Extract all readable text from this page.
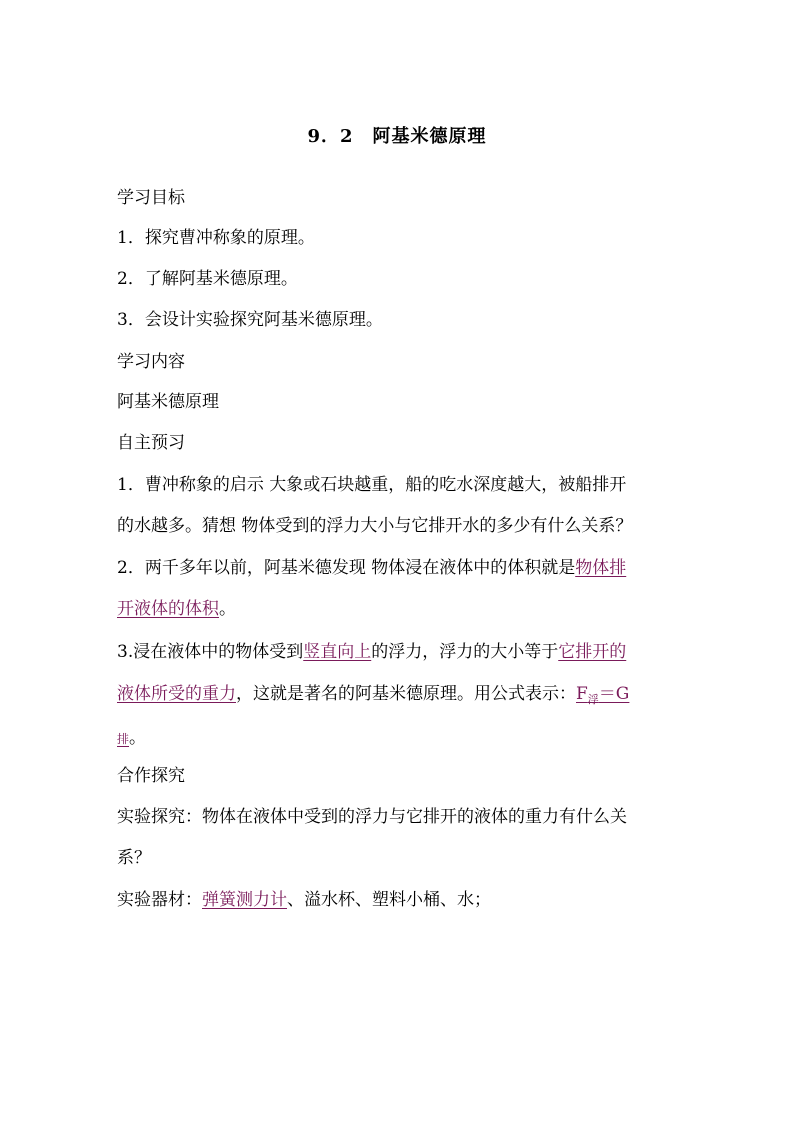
9．2　阿基米德原理
学习目标
1．探究曹冲称象的原理。
2．了解阿基米德原理。
3．会设计实验探究阿基米德原理。
学习内容
阿基米德原理
自主预习
1．曹冲称象的启示 大象或石块越重，船的吃水深度越大，被船排开
的水越多。猜想 物体受到的浮力大小与它排开水的多少有什么关系？
2．两千多年以前，阿基米德发现 物体浸在液体中的体积就是物体排
开液体的体积。
3.浸在液体中的物体受到竖直向上的浮力，浮力的大小等于它排开的
液体所受的重力，这就是著名的阿基米德原理。用公式表示：$F_浮=G$
排。
合作探究
实验探究：物体在液体中受到的浮力与它排开的液体的重力有什么关
系？
实验器材：弹簧测力计、溢水杯、塑料小桶、水；
